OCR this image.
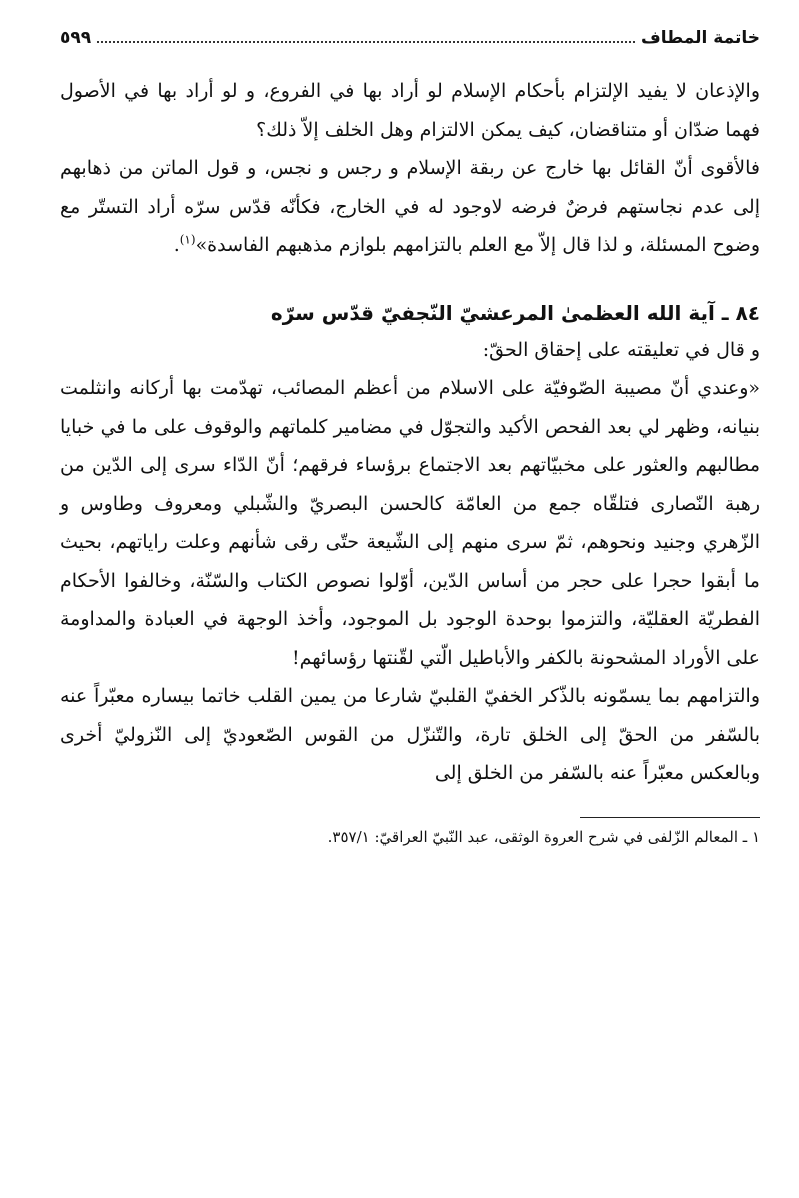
خاتمة المطاف
٥٩٩

والإذعان لا يفيد الإلتزام بأحكام الإسلام لو أراد بها في الفروع، و لو أراد بها في الأصول فهما ضدّان أو متناقضان، كيف يمكن الالتزام وهل الخلف إلاّ ذلك؟

فالأقوى أنّ القائل بها خارج عن ربقة الإسلام و رجس و نجس، و قول الماتن من ذهابهم إلى عدم نجاستهم فرضٌ فرضه لاوجود له في الخارج، فكأنّه قدّس سرّه أراد التستّر مع وضوح المسئلة، و لذا قال إلاّ مع العلم بالتزامهم بلوازم مذهبهم الفاسدة»$^{(١)}$.

٨٤ ـ آية الله العظمىٰ المرعشيّ النّجفيّ قدّس سرّه

و قال في تعليقته على إحقاق الحقّ:

«وعندي أنّ مصيبة الصّوفيّة على الاسلام من أعظم المصائب، تهدّمت بها أركانه وانثلمت بنيانه، وظهر لي بعد الفحص الأكيد والتجوّل في مضامير كلماتهم والوقوف على ما في خبايا مطالبهم والعثور على مخبيّاتهم بعد الاجتماع برؤساء فرقهم؛ أنّ الدّاء سرى إلى الدّين من رهبة النّصارى فتلقّاه جمع من العامّة كالحسن البصريّ والشّبلي ومعروف وطاوس و الزّهري وجنيد ونحوهم، ثمّ سرى منهم إلى الشّيعة حتّى رقى شأنهم وعلت راياتهم، بحيث ما أبقوا حجرا على حجر من أساس الدّين، أوّلوا نصوص الكتاب والسّنّة، وخالفوا الأحكام الفطريّة العقليّة، والتزموا بوحدة الوجود بل الموجود، وأخذ الوجهة في العبادة والمداومة على الأوراد المشحونة بالكفر والأباطيل الّتي لقّنتها رؤسائهم!

والتزامهم بما يسمّونه بالذّكر الخفيّ القلبيّ شارعا من يمين القلب خاتما بيساره معبّراً عنه بالسّفر من الحقّ إلى الخلق تارة، والتّنزّل من القوس الصّعوديّ إلى النّزوليّ أخرى وبالعكس معبّراً عنه بالسّفر من الخلق إلى

١ ـ المعالم الزّلفى في شرح العروة الوثقى، عبد النّبيّ العراقيّ: ٣٥٧/١.
